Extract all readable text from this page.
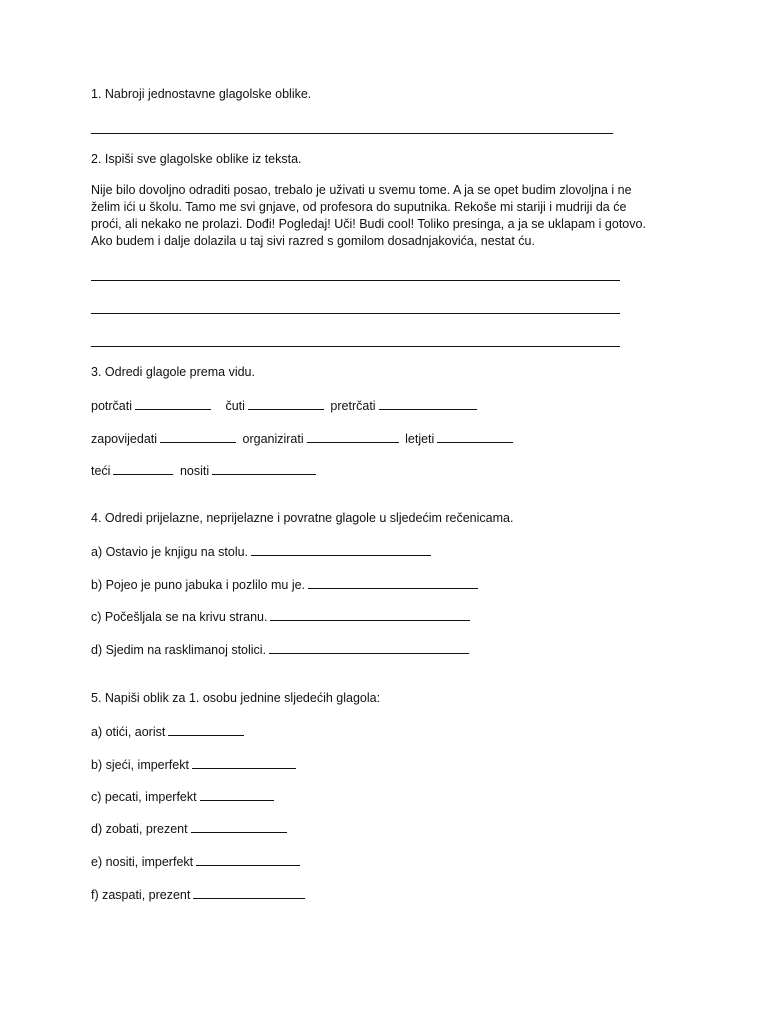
1. Nabroji jednostavne glagolske oblike.

2. Ispiši sve glagolske oblike iz teksta.

Nije bilo dovoljno odraditi posao, trebalo je uživati u svemu tome. A ja se opet budim zlovoljna i ne
želim ići u školu. Tamo me svi gnjave, od profesora do suputnika. Rekoše mi stariji i mudriji da će
proći, ali nekako ne prolazi. Dođi! Pogledaj! Uči! Budi cool! Toliko presinga, a ja se uklapam i gotovo.
Ako budem i dalje dolazila u taj sivi razred s gomilom dosadnjakovića, nestat ću.

3. Odredi glagole prema vidu.

potrčati	čuti	pretrčati

zapovijedati	organizirati	letjeti

teći	nositi

4. Odredi prijelazne, neprijelazne i povratne glagole u sljedećim rečenicama.

a) Ostavio je knjigu na stolu.

b) Pojeo je puno jabuka i pozlilo mu je.

c) Počešljala se na krivu stranu.

d) Sjedim na rasklimanoj stolici.

5. Napiši oblik za 1. osobu jednine sljedećih glagola:

a) otići, aorist

b) sjeći, imperfekt

c) pecati, imperfekt

d) zobati, prezent

e) nositi, imperfekt

f) zaspati, prezent
